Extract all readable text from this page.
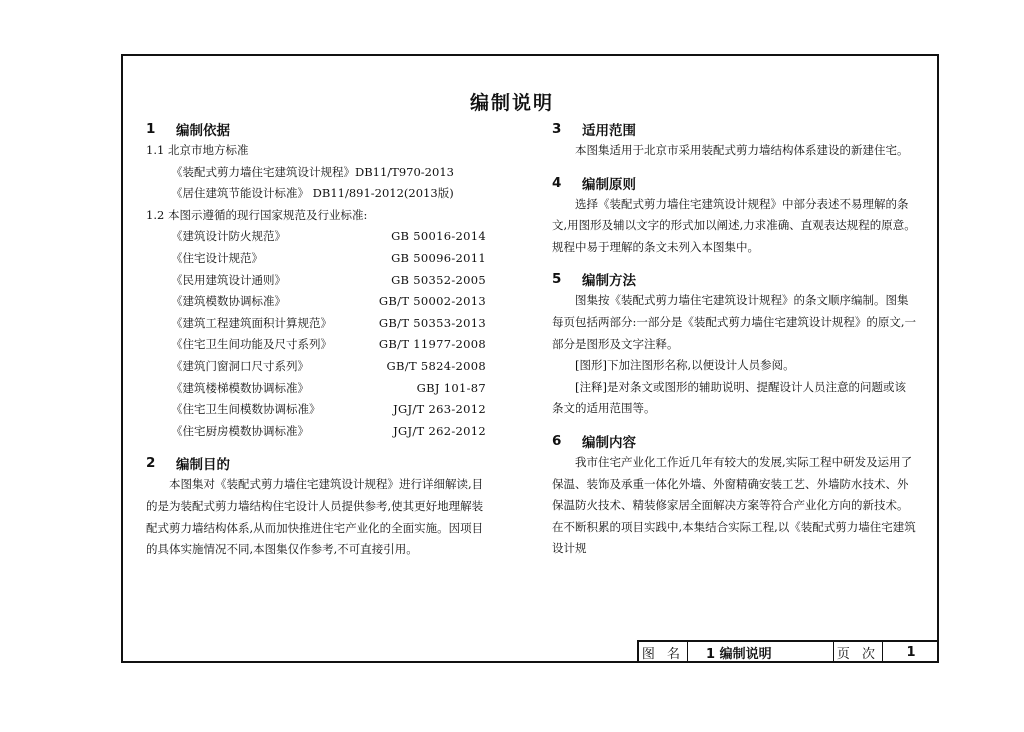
编制说明
1	编制依据
1.1 北京市地方标准
《装配式剪力墙住宅建筑设计规程》DB11/T970-2013
《居住建筑节能设计标准》 DB11/891-2012(2013版)
1.2 本图示遵循的现行国家规范及行业标准:
《建筑设计防火规范》	GB 50016-2014
《住宅设计规范》	GB 50096-2011
《民用建筑设计通则》	GB 50352-2005
《建筑模数协调标准》	GB/T 50002-2013
《建筑工程建筑面积计算规范》	GB/T 50353-2013
《住宅卫生间功能及尺寸系列》	GB/T 11977-2008
《建筑门窗洞口尺寸系列》	GB/T 5824-2008
《建筑楼梯模数协调标准》	GBJ 101-87
《住宅卫生间模数协调标准》	JGJ/T 263-2012
《住宅厨房模数协调标准》	JGJ/T 262-2012
2	编制目的

本图集对《装配式剪力墙住宅建筑设计规程》进行详细解读,目的是为装配式剪力墙结构住宅设计人员提供参考,使其更好地理解装配式剪力墙结构体系,从而加快推进住宅产业化的全面实施。因项目的具体实施情况不同,本图集仅作参考,不可直接引用。

3	适用范围

本图集适用于北京市采用装配式剪力墙结构体系建设的新建住宅。

4	编制原则

选择《装配式剪力墙住宅建筑设计规程》中部分表述不易理解的条文,用图形及辅以文字的形式加以阐述,力求准确、直观表达规程的原意。规程中易于理解的条文未列入本图集中。

5	编制方法

图集按《装配式剪力墙住宅建筑设计规程》的条文顺序编制。图集每页包括两部分:一部分是《装配式剪力墙住宅建筑设计规程》的原文,一部分是图形及文字注释。

[图形]下加注图形名称,以便设计人员参阅。

[注释]是对条文或图形的辅助说明、提醒设计人员注意的问题或该条文的适用范围等。

6	编制内容

我市住宅产业化工作近几年有较大的发展,实际工程中研发及运用了保温、装饰及承重一体化外墙、外窗精确安装工艺、外墙防水技术、外保温防火技术、精装修家居全面解决方案等符合产业化方向的新技术。在不断积累的项目实践中,本集结合实际工程,以《装配式剪力墙住宅建筑设计规

图 名	1 编制说明	页 次	1
